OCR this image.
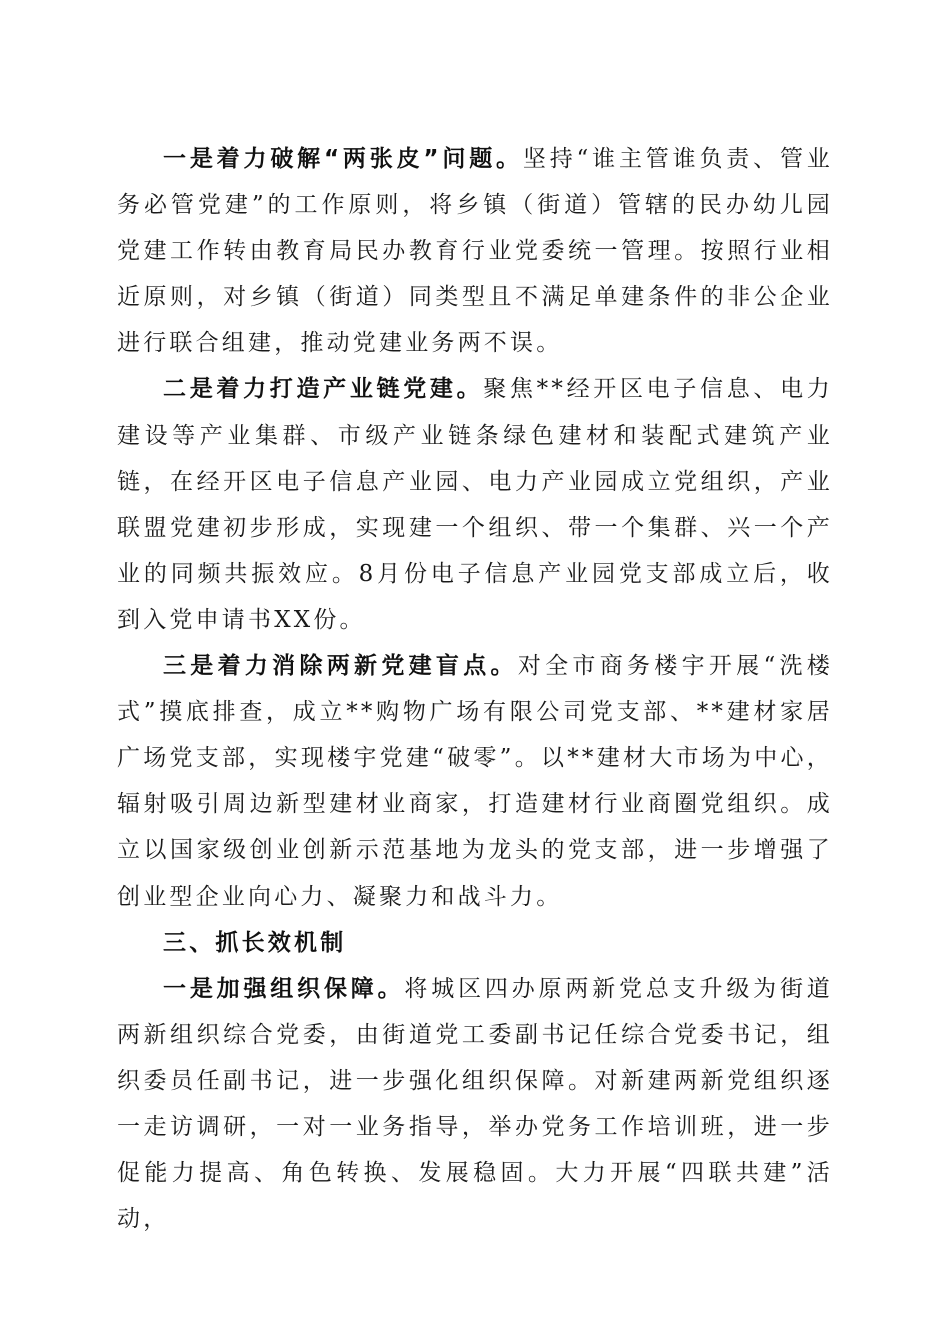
一是着力破解“两张皮”问题。坚持“谁主管谁负责、管业务必管党建”的工作原则，将乡镇（街道）管辖的民办幼儿园党建工作转由教育局民办教育行业党委统一管理。按照行业相近原则，对乡镇（街道）同类型且不满足单建条件的非公企业进行联合组建，推动党建业务两不误。

二是着力打造产业链党建。聚焦**经开区电子信息、电力建设等产业集群、市级产业链条绿色建材和装配式建筑产业链，在经开区电子信息产业园、电力产业园成立党组织，产业联盟党建初步形成，实现建一个组织、带一个集群、兴一个产业的同频共振效应。8月份电子信息产业园党支部成立后，收到入党申请书XX份。

三是着力消除两新党建盲点。对全市商务楼宇开展“洗楼式”摸底排查，成立**购物广场有限公司党支部、**建材家居广场党支部，实现楼宇党建“破零”。以**建材大市场为中心，辐射吸引周边新型建材业商家，打造建材行业商圈党组织。成立以国家级创业创新示范基地为龙头的党支部，进一步增强了创业型企业向心力、凝聚力和战斗力。

三、抓长效机制

一是加强组织保障。将城区四办原两新党总支升级为街道两新组织综合党委，由街道党工委副书记任综合党委书记，组织委员任副书记，进一步强化组织保障。对新建两新党组织逐一走访调研，一对一业务指导，举办党务工作培训班，进一步促能力提高、角色转换、发展稳固。大力开展“四联共建”活动，
